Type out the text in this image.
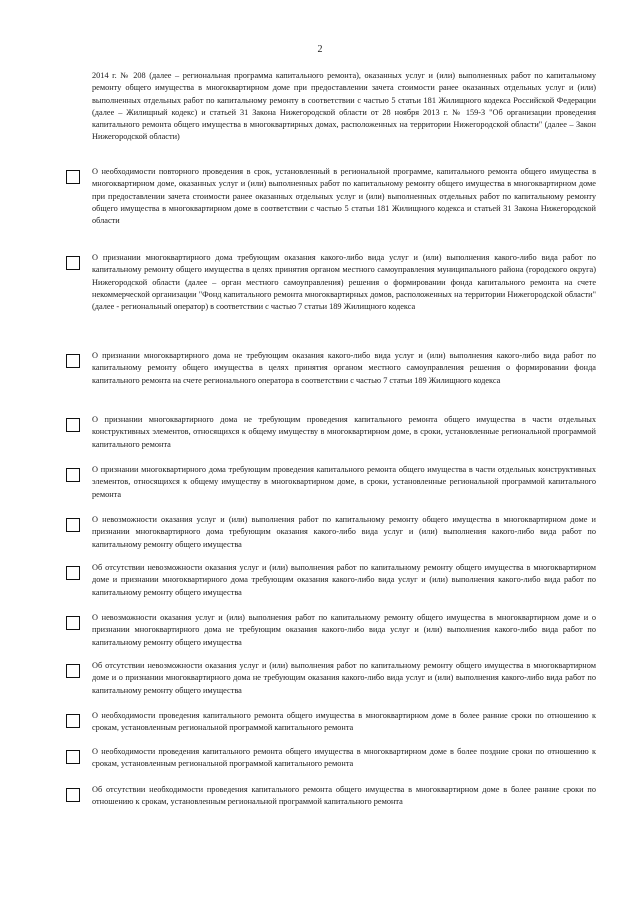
2

2014 г. № 208 (далее – региональная программа капитального ремонта), оказанных услуг и (или) выполненных работ по капитальному ремонту общего имущества в многоквартирном доме при предоставлении зачета стоимости ранее оказанных отдельных услуг и (или) выполненных отдельных работ по капитальному ремонту в соответствии с частью 5 статьи 181 Жилищного кодекса Российской Федерации (далее – Жилищный кодекс) и статьей 31 Закона Нижегородской области от 28 ноября 2013 г. № 159-З "Об организации проведения капитального ремонта общего имущества в многоквартирных домах, расположенных на территории Нижегородской области" (далее – Закон Нижегородской области)

О необходимости повторного проведения в срок, установленный в региональной программе, капитального ремонта общего имущества в многоквартирном доме, оказанных услуг и (или) выполненных работ по капитальному ремонту общего имущества в многоквартирном доме при предоставлении зачета стоимости ранее оказанных отдельных услуг и (или) выполненных отдельных работ по капитальному ремонту общего имущества в многоквартирном доме в соответствии с частью 5 статьи 181 Жилищного кодекса и статьей 31 Закона Нижегородской области

О признании многоквартирного дома требующим оказания какого-либо вида услуг и (или) выполнения какого-либо вида работ по капитальному ремонту общего имущества в целях принятия органом местного самоуправления муниципального района (городского округа) Нижегородской области (далее – орган местного самоуправления) решения о формировании фонда капитального ремонта на счете некоммерческой организации "Фонд капитального ремонта многоквартирных домов, расположенных на территории Нижегородской области" (далее - региональный оператор) в соответствии с частью 7 статьи 189 Жилищного кодекса

О признании многоквартирного дома не требующим оказания какого-либо вида услуг и (или) выполнения какого-либо вида работ по капитальному ремонту общего имущества в целях принятия органом местного самоуправления решения о формировании фонда капитального ремонта на счете регионального оператора в соответствии с частью 7 статьи 189 Жилищного кодекса

О признании многоквартирного дома не требующим проведения капитального ремонта общего имущества в части отдельных конструктивных элементов, относящихся к общему имуществу в многоквартирном доме, в сроки, установленные региональной программой капитального ремонта

О признании многоквартирного дома требующим проведения капитального ремонта общего имущества в части отдельных конструктивных элементов, относящихся к общему имуществу в многоквартирном доме, в сроки, установленные региональной программой капитального ремонта

О невозможности оказания услуг и (или) выполнения работ по капитальному ремонту общего имущества в многоквартирном доме и признании многоквартирного дома требующим оказания какого-либо вида услуг и (или) выполнения какого-либо вида работ по капитальному ремонту общего имущества

Об отсутствии невозможности оказания услуг и (или) выполнения работ по капитальному ремонту общего имущества в многоквартирном доме и признании многоквартирного дома требующим оказания какого-либо вида услуг и (или) выполнения какого-либо вида работ по капитальному ремонту общего имущества

О невозможности оказания услуг и (или) выполнения работ по капитальному ремонту общего имущества в многоквартирном доме и о признании многоквартирного дома не требующим оказания какого-либо вида услуг и (или) выполнения какого-либо вида работ по капитальному ремонту общего имущества

Об отсутствии невозможности оказания услуг и (или) выполнения работ по капитальному ремонту общего имущества в многоквартирном доме и о признании многоквартирного дома не требующим оказания какого-либо вида услуг и (или) выполнения какого-либо вида работ по капитальному ремонту общего имущества

О необходимости проведения капитального ремонта общего имущества в многоквартирном доме в более ранние сроки по отношению к срокам, установленным региональной программой капитального ремонта

О необходимости проведения капитального ремонта общего имущества в многоквартирном доме в более поздние сроки по отношению к срокам, установленным региональной программой капитального ремонта

Об отсутствии необходимости проведения капитального ремонта общего имущества в многоквартирном доме в более ранние сроки по отношению к срокам, установленным региональной программой капитального ремонта
